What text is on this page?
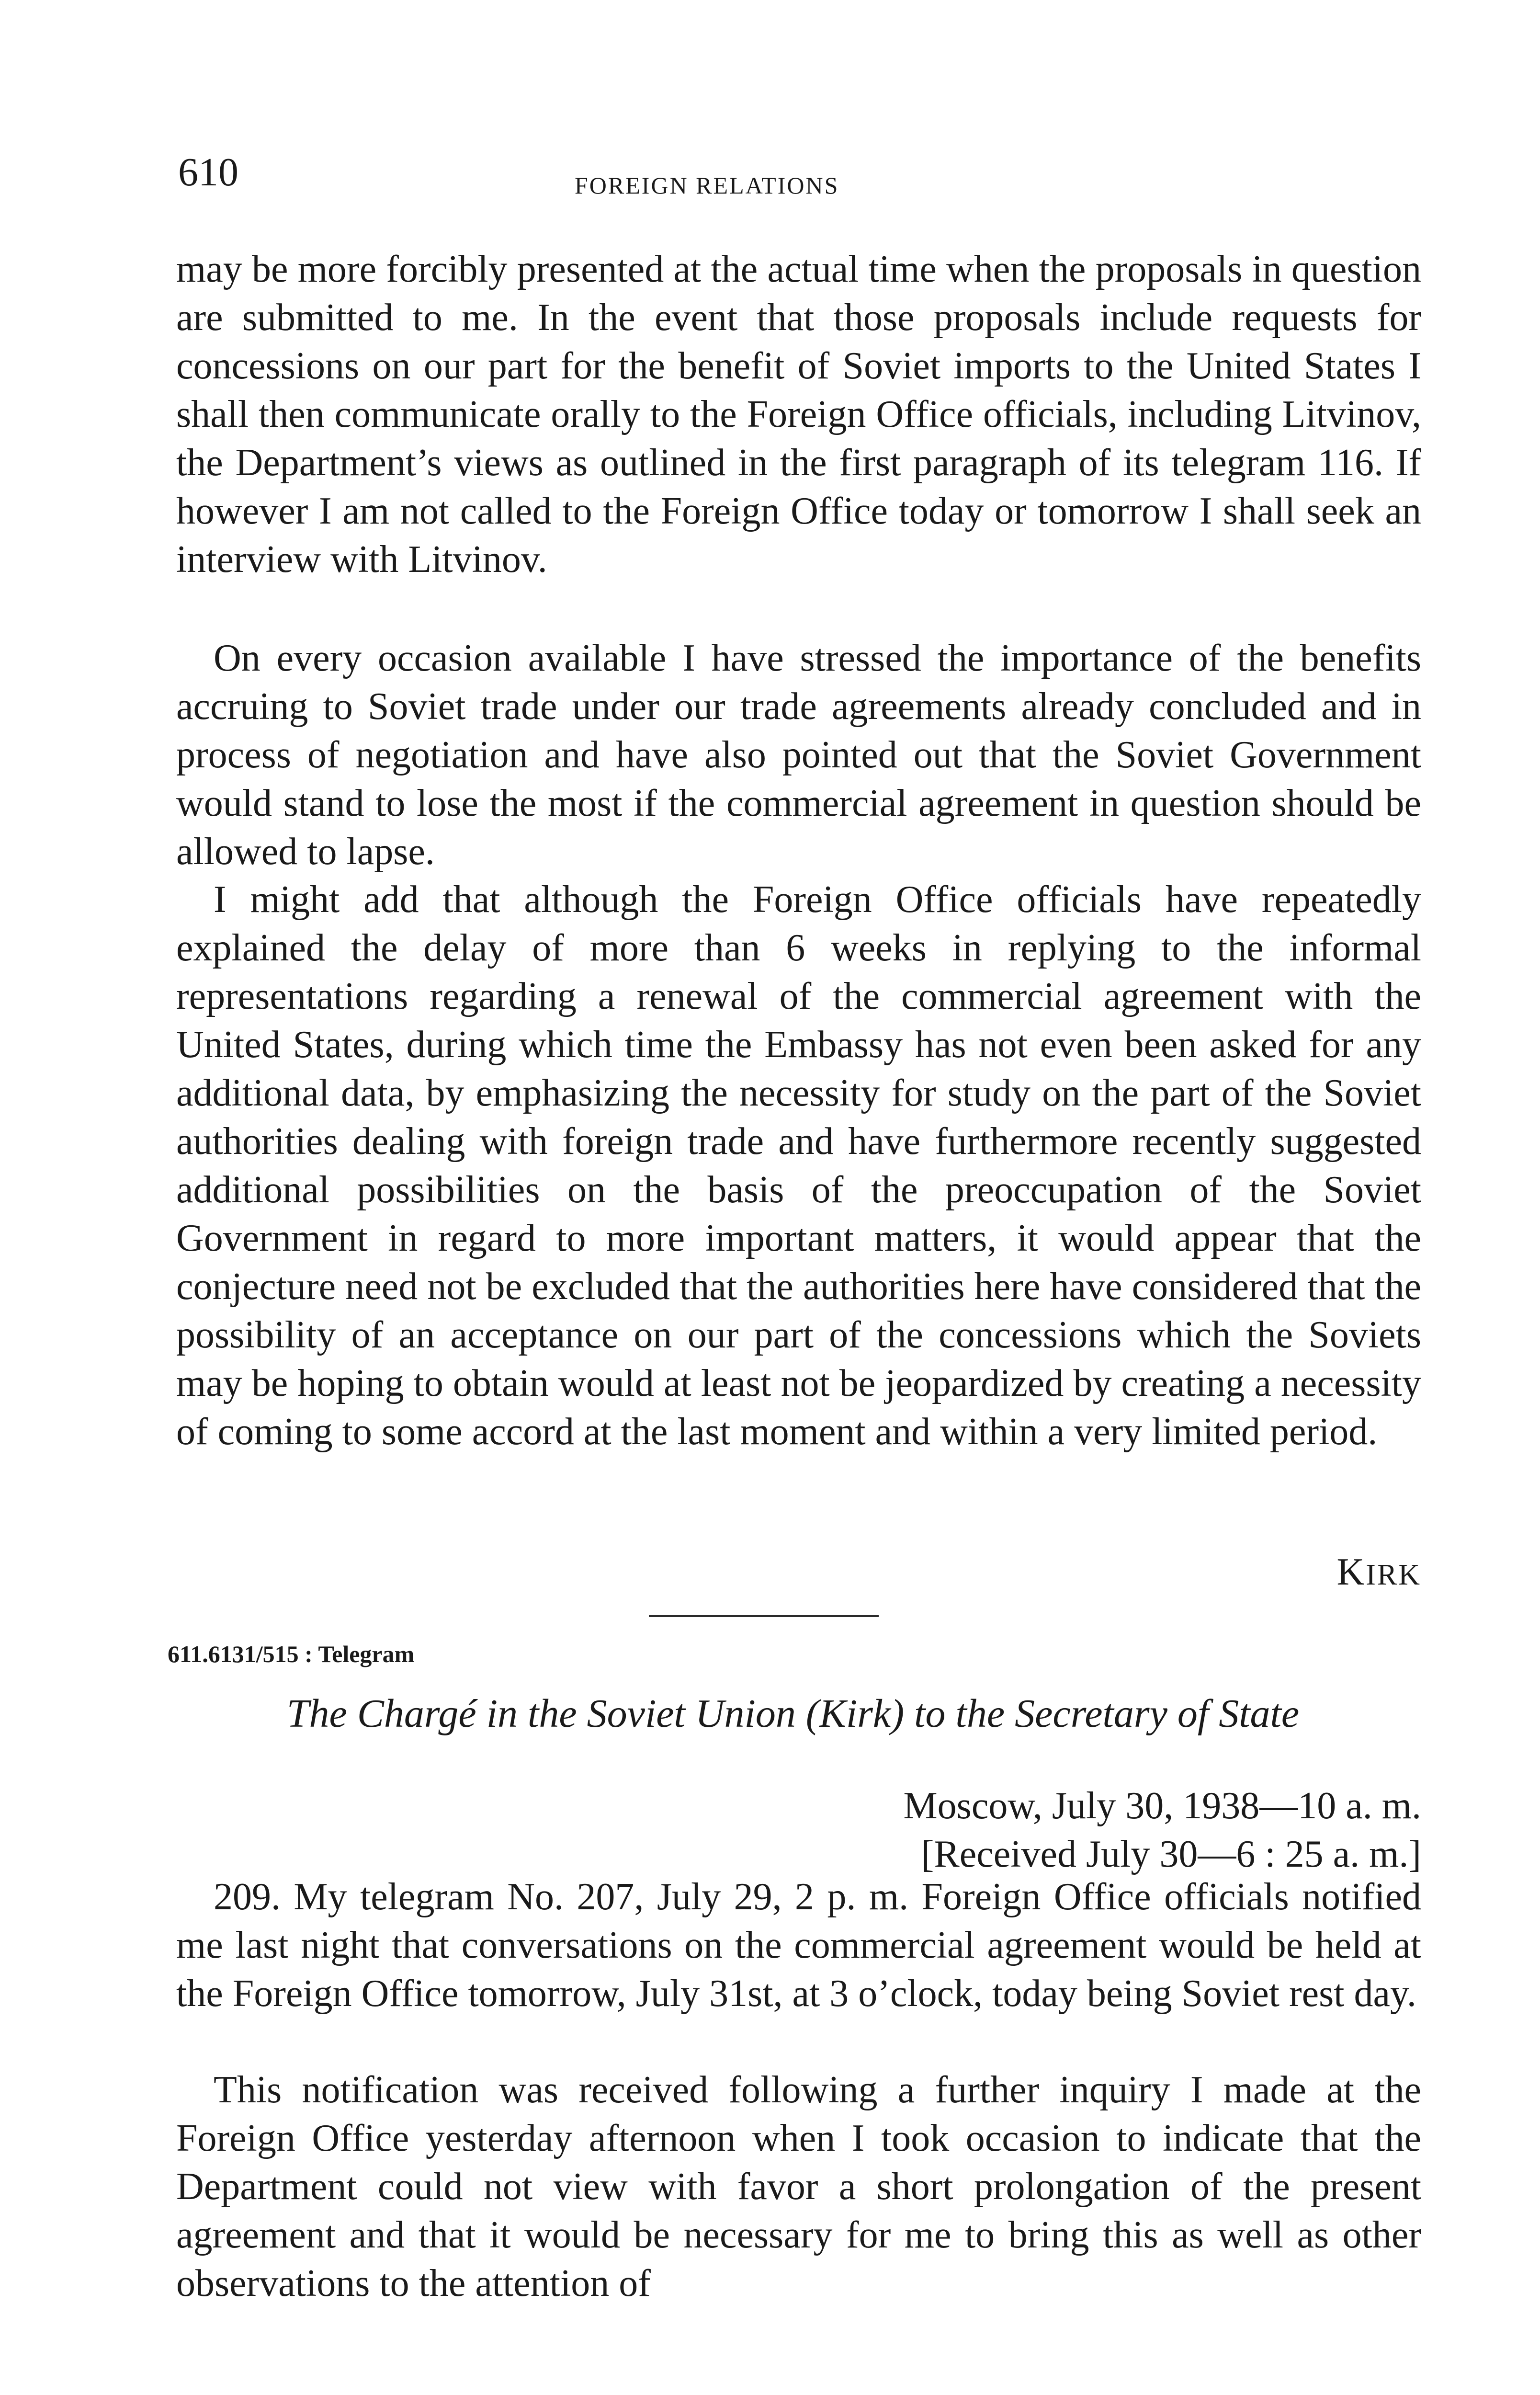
610	FOREIGN RELATIONS
may be more forcibly presented at the actual time when the proposals in question are submitted to me. In the event that those proposals include requests for concessions on our part for the benefit of Soviet imports to the United States I shall then communicate orally to the Foreign Office officials, including Litvinov, the Department’s views as outlined in the first paragraph of its telegram 116. If however I am not called to the Foreign Office today or tomorrow I shall seek an interview with Litvinov.
On every occasion available I have stressed the importance of the benefits accruing to Soviet trade under our trade agreements already concluded and in process of negotiation and have also pointed out that the Soviet Government would stand to lose the most if the commercial agreement in question should be allowed to lapse.
I might add that although the Foreign Office officials have repeatedly explained the delay of more than 6 weeks in replying to the informal representations regarding a renewal of the commercial agreement with the United States, during which time the Embassy has not even been asked for any additional data, by emphasizing the necessity for study on the part of the Soviet authorities dealing with foreign trade and have furthermore recently suggested additional possibilities on the basis of the preoccupation of the Soviet Government in regard to more important matters, it would appear that the conjecture need not be excluded that the authorities here have considered that the possibility of an acceptance on our part of the concessions which the Soviets may be hoping to obtain would at least not be jeopardized by creating a necessity of coming to some accord at the last moment and within a very limited period.
KIRK
611.6131/515 : Telegram
The Chargé in the Soviet Union (Kirk) to the Secretary of State
Moscow, July 30, 1938—10 a. m.
[Received July 30—6 : 25 a. m.]
209. My telegram No. 207, July 29, 2 p. m. Foreign Office officials notified me last night that conversations on the commercial agreement would be held at the Foreign Office tomorrow, July 31st, at 3 o’clock, today being Soviet rest day.
This notification was received following a further inquiry I made at the Foreign Office yesterday afternoon when I took occasion to indicate that the Department could not view with favor a short prolongation of the present agreement and that it would be necessary for me to bring this as well as other observations to the attention of
